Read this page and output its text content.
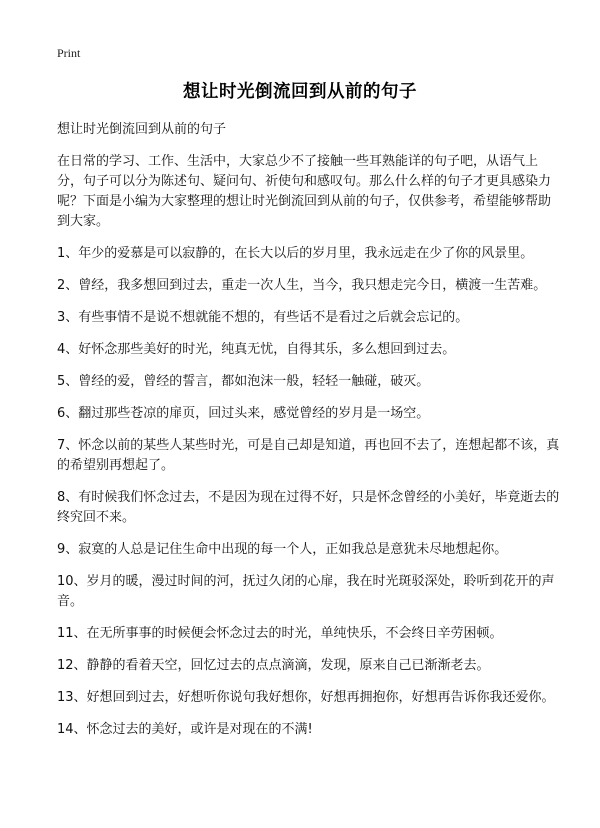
Print
想让时光倒流回到从前的句子

想让时光倒流回到从前的句子

在日常的学习、工作、生活中，大家总少不了接触一些耳熟能详的句子吧，从语气上分，句子可以分为陈述句、疑问句、祈使句和感叹句。那么什么样的句子才更具感染力呢？下面是小编为大家整理的想让时光倒流回到从前的句子，仅供参考，希望能够帮助到大家。

1、年少的爱慕是可以寂静的，在长大以后的岁月里，我永远走在少了你的风景里。

2、曾经，我多想回到过去，重走一次人生，当今，我只想走完今日，横渡一生苦难。

3、有些事情不是说不想就能不想的，有些话不是看过之后就会忘记的。

4、好怀念那些美好的时光，纯真无忧，自得其乐，多么想回到过去。

5、曾经的爱，曾经的誓言，都如泡沫一般，轻轻一触碰，破灭。

6、翻过那些苍凉的扉页，回过头来，感觉曾经的岁月是一场空。

7、怀念以前的某些人某些时光，可是自己却是知道，再也回不去了，连想起都不该，真的希望别再想起了。

8、有时候我们怀念过去，不是因为现在过得不好，只是怀念曾经的小美好，毕竟逝去的终究回不来。

9、寂寞的人总是记住生命中出现的每一个人，正如我总是意犹未尽地想起你。

10、岁月的暖，漫过时间的河，抚过久闭的心扉，我在时光斑驳深处，聆听到花开的声音。

11、在无所事事的时候便会怀念过去的时光，单纯快乐，不会终日辛劳困顿。

12、静静的看着天空，回忆过去的点点滴滴，发现，原来自己已渐渐老去。

13、好想回到过去，好想听你说句我好想你，好想再拥抱你，好想再告诉你我还爱你。

14、怀念过去的美好，或许是对现在的不满!
